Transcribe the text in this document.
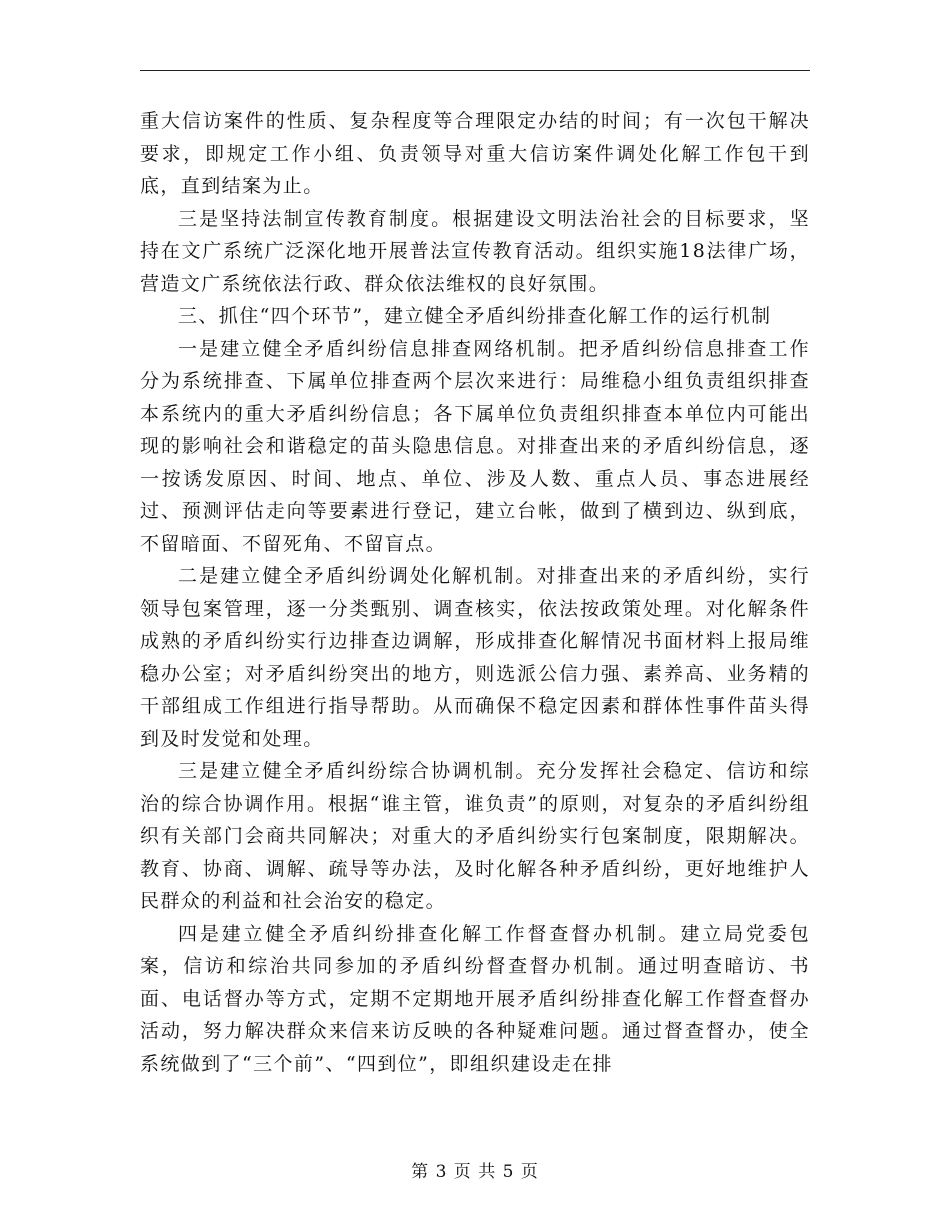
重大信访案件的性质、复杂程度等合理限定办结的时间；有一次包干解决要求，即规定工作小组、负责领导对重大信访案件调处化解工作包干到底，直到结案为止。

三是坚持法制宣传教育制度。根据建设文明法治社会的目标要求，坚持在文广系统广泛深化地开展普法宣传教育活动。组织实施18法律广场，营造文广系统依法行政、群众依法维权的良好氛围。

三、抓住“四个环节”，建立健全矛盾纠纷排查化解工作的运行机制

一是建立健全矛盾纠纷信息排查网络机制。把矛盾纠纷信息排查工作分为系统排查、下属单位排查两个层次来进行：局维稳小组负责组织排查本系统内的重大矛盾纠纷信息；各下属单位负责组织排查本单位内可能出现的影响社会和谐稳定的苗头隐患信息。对排查出来的矛盾纠纷信息，逐一按诱发原因、时间、地点、单位、涉及人数、重点人员、事态进展经过、预测评估走向等要素进行登记，建立台帐，做到了横到边、纵到底，不留暗面、不留死角、不留盲点。

二是建立健全矛盾纠纷调处化解机制。对排查出来的矛盾纠纷，实行领导包案管理，逐一分类甄别、调查核实，依法按政策处理。对化解条件成熟的矛盾纠纷实行边排查边调解，形成排查化解情况书面材料上报局维稳办公室；对矛盾纠纷突出的地方，则选派公信力强、素养高、业务精的干部组成工作组进行指导帮助。从而确保不稳定因素和群体性事件苗头得到及时发觉和处理。

三是建立健全矛盾纠纷综合协调机制。充分发挥社会稳定、信访和综治的综合协调作用。根据“谁主管，谁负责”的原则，对复杂的矛盾纠纷组织有关部门会商共同解决；对重大的矛盾纠纷实行包案制度，限期解决。教育、协商、调解、疏导等办法，及时化解各种矛盾纠纷，更好地维护人民群众的利益和社会治安的稳定。

四是建立健全矛盾纠纷排查化解工作督查督办机制。建立局党委包案，信访和综治共同参加的矛盾纠纷督查督办机制。通过明查暗访、书面、电话督办等方式，定期不定期地开展矛盾纠纷排查化解工作督查督办活动，努力解决群众来信来访反映的各种疑难问题。通过督查督办，使全系统做到了“三个前”、“四到位”，即组织建设走在排

第 3 页 共 5 页
